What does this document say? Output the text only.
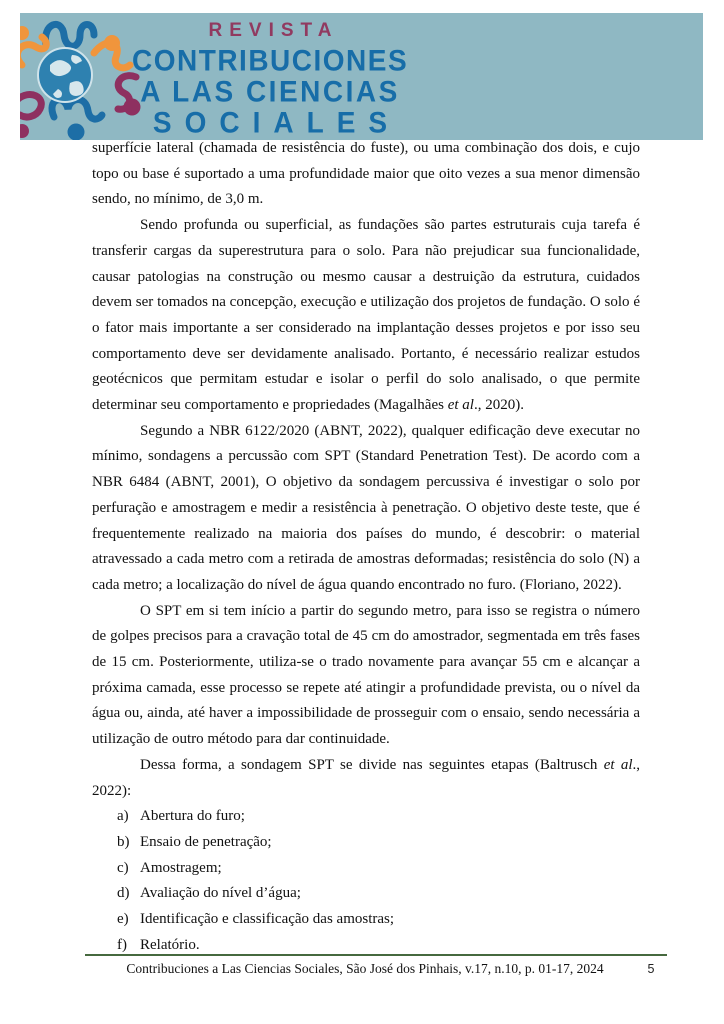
REVISTA
CONTRIBUCIONES
A LAS CIENCIAS
SOCIALES

superfície lateral (chamada de resistência do fuste), ou uma combinação dos dois, e cujo topo ou base é suportado a uma profundidade maior que oito vezes a sua menor dimensão sendo, no mínimo, de 3,0 m.

Sendo profunda ou superficial, as fundações são partes estruturais cuja tarefa é transferir cargas da superestrutura para o solo. Para não prejudicar sua funcionalidade, causar patologias na construção ou mesmo causar a destruição da estrutura, cuidados devem ser tomados na concepção, execução e utilização dos projetos de fundação. O solo é o fator mais importante a ser considerado na implantação desses projetos e por isso seu comportamento deve ser devidamente analisado. Portanto, é necessário realizar estudos geotécnicos que permitam estudar e isolar o perfil do solo analisado, o que permite determinar seu comportamento e propriedades (Magalhães et al., 2020).

Segundo a NBR 6122/2020 (ABNT, 2022), qualquer edificação deve executar no mínimo, sondagens a percussão com SPT (Standard Penetration Test). De acordo com a NBR 6484 (ABNT, 2001), O objetivo da sondagem percussiva é investigar o solo por perfuração e amostragem e medir a resistência à penetração. O objetivo deste teste, que é frequentemente realizado na maioria dos países do mundo, é descobrir: o material atravessado a cada metro com a retirada de amostras deformadas; resistência do solo (N) a cada metro; a localização do nível de água quando encontrado no furo. (Floriano, 2022).

O SPT em si tem início a partir do segundo metro, para isso se registra o número de golpes precisos para a cravação total de 45 cm do amostrador, segmentada em três fases de 15 cm. Posteriormente, utiliza-se o trado novamente para avançar 55 cm e alcançar a próxima camada, esse processo se repete até atingir a profundidade prevista, ou o nível da água ou, ainda, até haver a impossibilidade de prosseguir com o ensaio, sendo necessária a utilização de outro método para dar continuidade.

Dessa forma, a sondagem SPT se divide nas seguintes etapas (Baltrusch et al., 2022):

a) Abertura do furo;
b) Ensaio de penetração;
c) Amostragem;
d) Avaliação do nível d’água;
e) Identificação e classificação das amostras;
f) Relatório.
Contribuciones a Las Ciencias Sociales, São José dos Pinhais, v.17, n.10, p. 01-17, 2024	5
